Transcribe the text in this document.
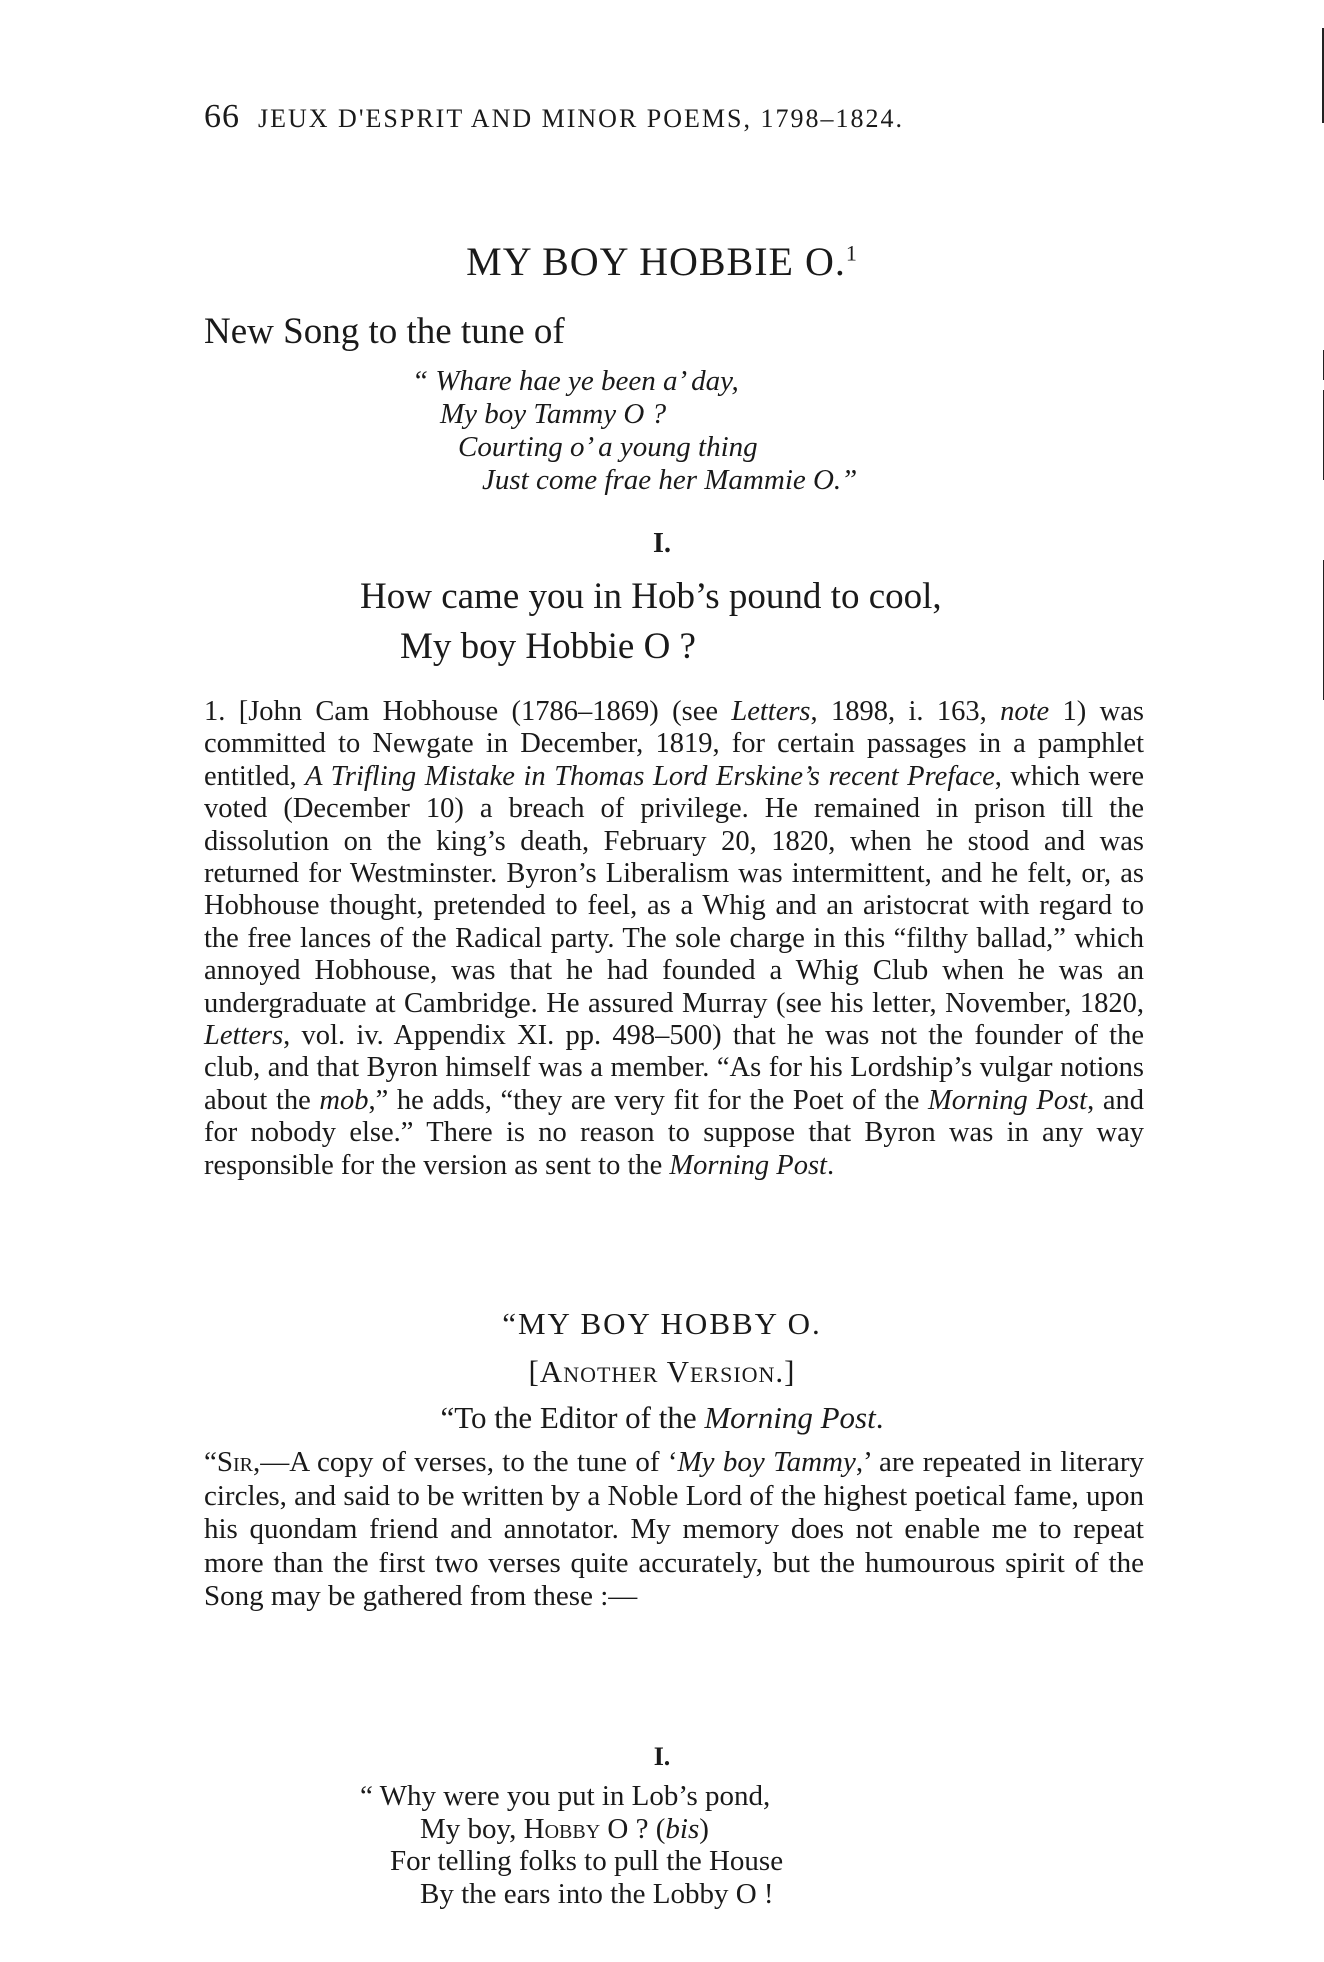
66 JEUX D'ESPRIT AND MINOR POEMS, 1798–1824.
MY BOY HOBBIE O.$^1$
New Song to the tune of
“ Whare hae ye been a’ day,
My boy Tammy O ?
Courting o’ a young thing
Just come frae her Mammie O.”
I.
How came you in Hob’s pound to cool,
My boy Hobbie O ?
1. [John Cam Hobhouse (1786–1869) (see Letters, 1898, i. 163, note 1) was committed to Newgate in December, 1819, for certain passages in a pamphlet entitled, A Trifling Mistake in Thomas Lord Erskine’s recent Preface, which were voted (December 10) a breach of privilege. He remained in prison till the dissolution on the king’s death, February 20, 1820, when he stood and was returned for Westminster. Byron’s Liberalism was intermittent, and he felt, or, as Hobhouse thought, pretended to feel, as a Whig and an aristocrat with regard to the free lances of the Radical party. The sole charge in this “filthy ballad,” which annoyed Hobhouse, was that he had founded a Whig Club when he was an undergraduate at Cambridge. He assured Murray (see his letter, November, 1820, Letters, vol. iv. Appendix XI. pp. 498–500) that he was not the founder of the club, and that Byron himself was a member. “As for his Lordship’s vulgar notions about the mob,” he adds, “they are very fit for the Poet of the Morning Post, and for nobody else.” There is no reason to suppose that Byron was in any way responsible for the version as sent to the Morning Post.
“MY BOY HOBBY O.
[Another Version.]
“To the Editor of the Morning Post.
“Sir,—A copy of verses, to the tune of ‘My boy Tammy,’ are repeated in literary circles, and said to be written by a Noble Lord of the highest poetical fame, upon his quondam friend and annotator. My memory does not enable me to repeat more than the first two verses quite accurately, but the humourous spirit of the Song may be gathered from these :—
I.
“ Why were you put in Lob’s pond,
My boy, Hobby O ? (bis)
For telling folks to pull the House
By the ears into the Lobby O !
